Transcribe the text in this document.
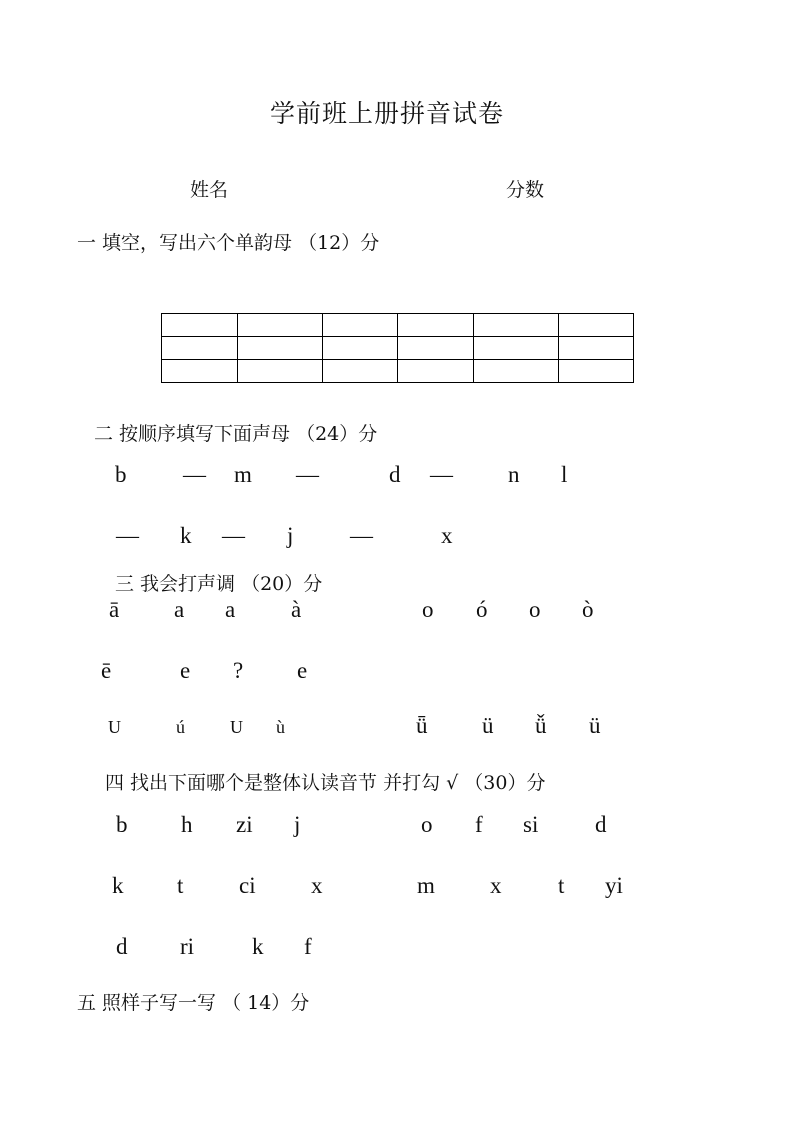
学前班上册拼音试卷
姓名	分数
一 填空，写出六个单韵母 （12）分

二 按顺序填写下面声母 （24）分
b — m —	d — n l
— k — j —	x
三 我会打声调 （20）分
ā a a à	o ó o ò
ē	e ? e
U	ú	U ù	ǖ ü ǚ ü
四 找出下面哪个是整体认读音节 并打勾 √ （30）分
b h zi j	o f si d
k t ci x	m x t yi
d ri	k f
五 照样子写一写 （ 14）分
